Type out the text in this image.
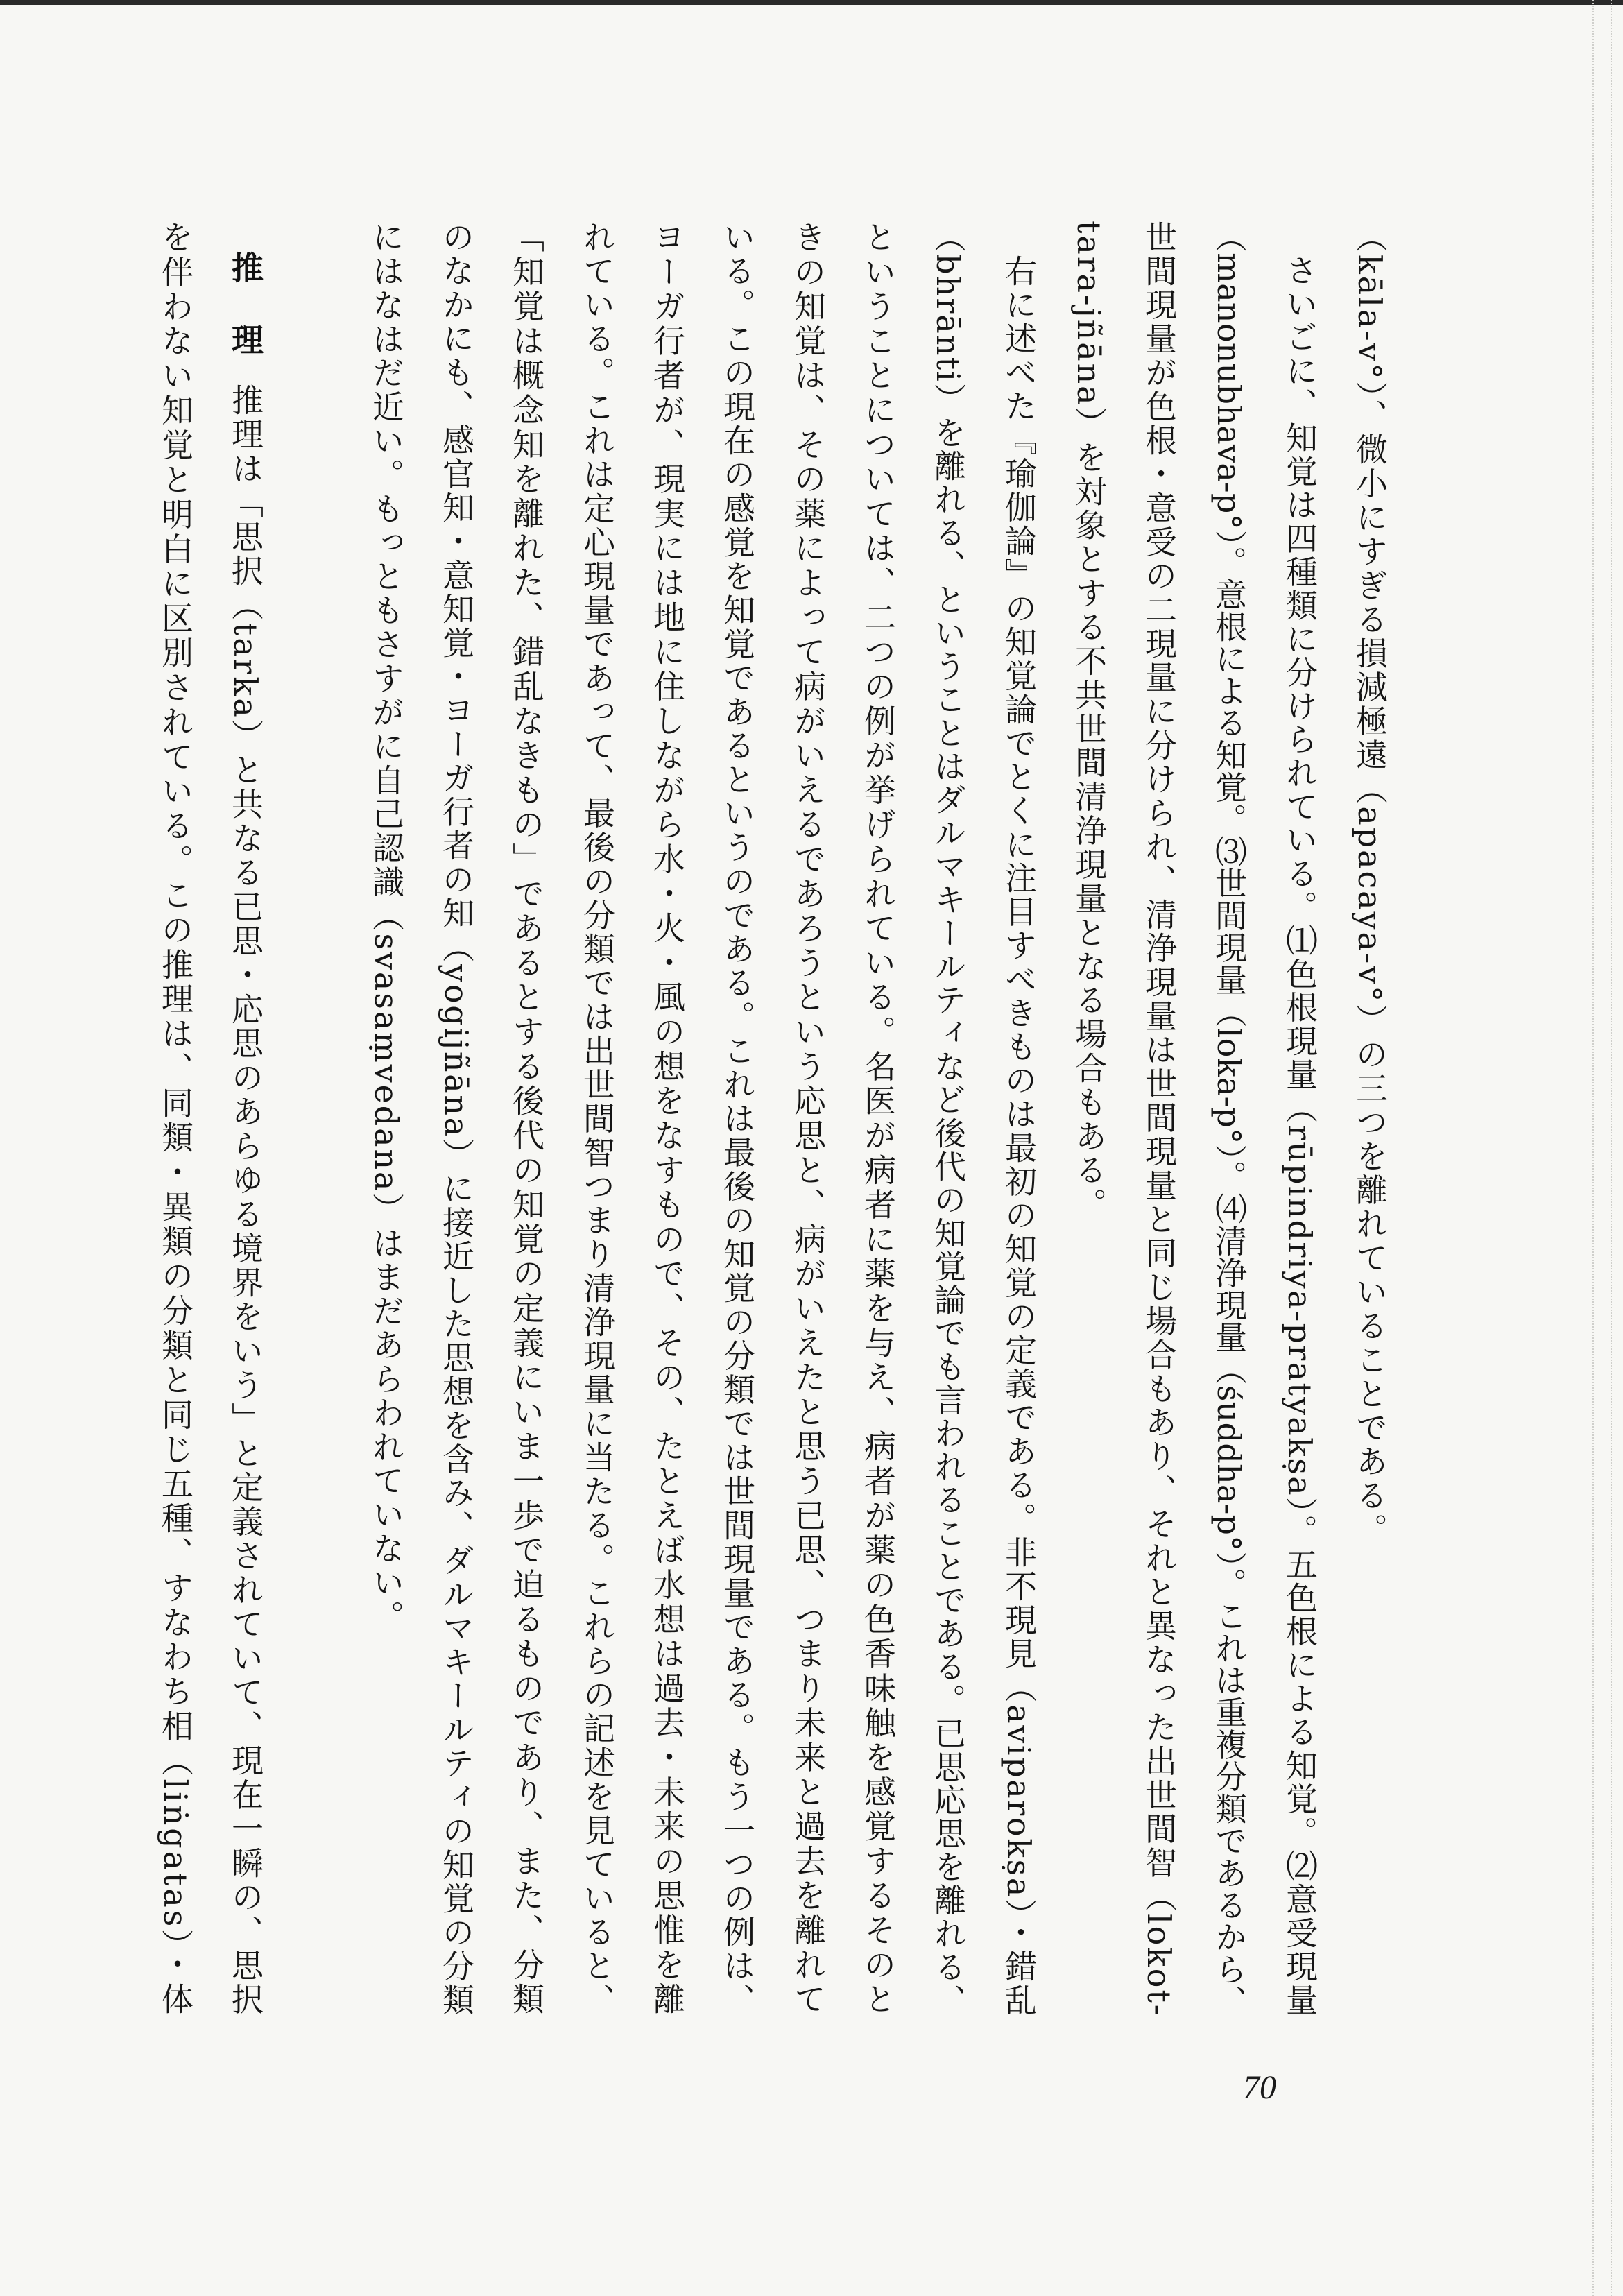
（kāla-v°）、微小にすぎる損減極遠（apacaya-v°）の三つを離れていることである。
さいごに、知覚は四種類に分けられている。⑴色根現量（rūpindriya-pratyakṣa）。五色根による知覚。⑵意受現量
（manonubhava-p°）。意根による知覚。⑶世間現量（loka-p°）。⑷清浄現量（śuddha-p°）。これは重複分類であるから、
世間現量が色根・意受の二現量に分けられ、清浄現量は世間現量と同じ場合もあり、それと異なった出世間智（lokot-
tara-jñāna）を対象とする不共世間清浄現量となる場合もある。
右に述べた『瑜伽論』の知覚論でとくに注目すべきものは最初の知覚の定義である。非不現見（aviparokṣa）・錯乱
（bhrānti）を離れる、ということはダルマキールティなど後代の知覚論でも言われることである。已思応思を離れる、
ということについては、二つの例が挙げられている。名医が病者に薬を与え、病者が薬の色香味触を感覚するそのと
きの知覚は、その薬によって病がいえるであろうという応思と、病がいえたと思う已思、つまり未来と過去を離れて
いる。この現在の感覚を知覚であるというのである。これは最後の知覚の分類では世間現量である。もう一つの例は、
ヨーガ行者が、現実には地に住しながら水・火・風の想をなすもので、その、たとえば水想は過去・未来の思惟を離
れている。これは定心現量であって、最後の分類では出世間智つまり清浄現量に当たる。これらの記述を見ていると、
「知覚は概念知を離れた、錯乱なきもの」であるとする後代の知覚の定義にいま一歩で迫るものであり、また、分類
のなかにも、感官知・意知覚・ヨーガ行者の知（yogijñāna）に接近した思想を含み、ダルマキールティの知覚の分類
にはなはだ近い。もっともさすがに自己認識（svasaṃvedana）はまだあらわれていない。
推　理
推理は「思択（tarka）と共なる已思・応思のあらゆる境界をいう」と定義されていて、現在一瞬の、思択
を伴わない知覚と明白に区別されている。この推理は、同類・異類の分類と同じ五種、すなわち相（liṅgatas）・体
70
